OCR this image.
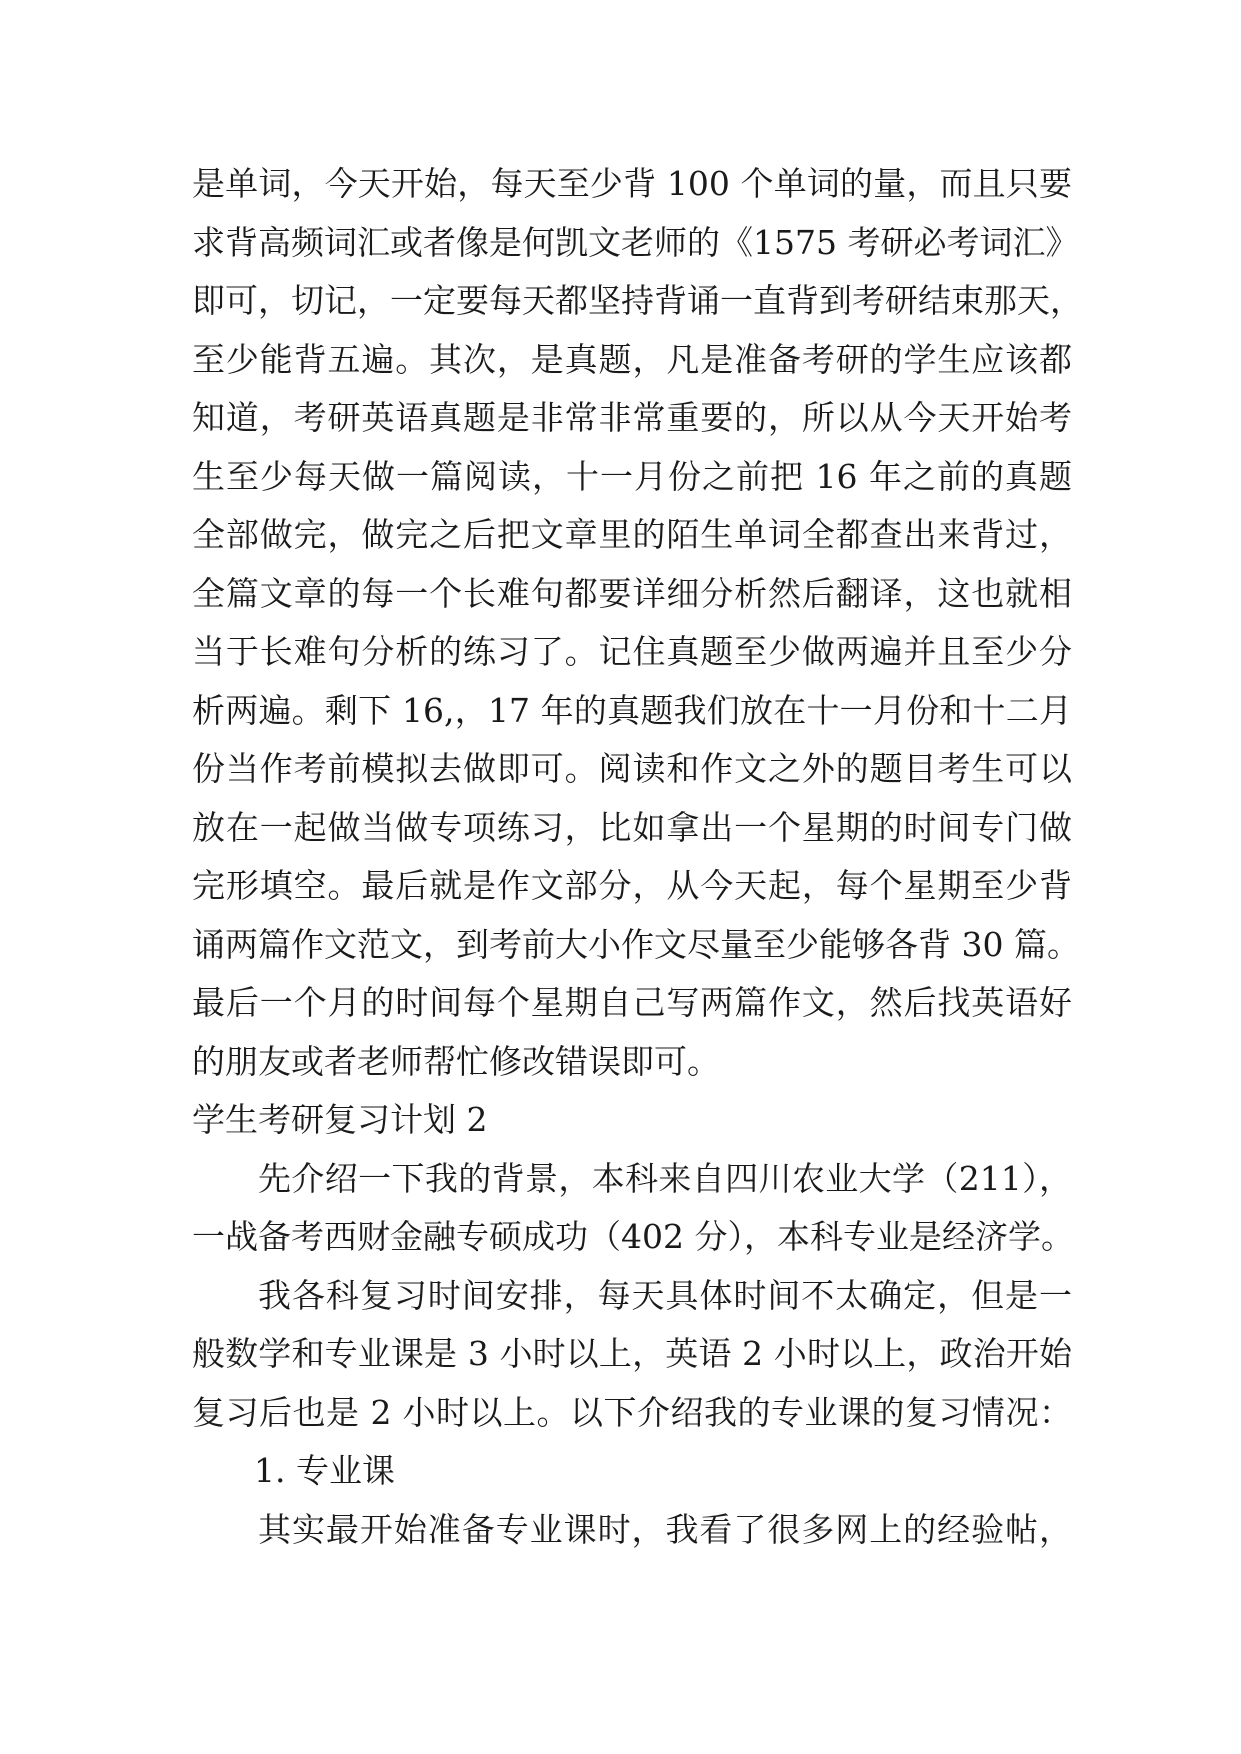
是单词，今天开始，每天至少背 100 个单词的量，而且只要
求背高频词汇或者像是何凯文老师的《1575 考研必考词汇》
即可，切记，一定要每天都坚持背诵一直背到考研结束那天，
至少能背五遍。其次，是真题，凡是准备考研的学生应该都
知道，考研英语真题是非常非常重要的，所以从今天开始考
生至少每天做一篇阅读，十一月份之前把 16 年之前的真题
全部做完，做完之后把文章里的陌生单词全都查出来背过，
全篇文章的每一个长难句都要详细分析然后翻译，这也就相
当于长难句分析的练习了。记住真题至少做两遍并且至少分
析两遍。剩下 16,，17 年的真题我们放在十一月份和十二月
份当作考前模拟去做即可。阅读和作文之外的题目考生可以
放在一起做当做专项练习，比如拿出一个星期的时间专门做
完形填空。最后就是作文部分，从今天起，每个星期至少背
诵两篇作文范文，到考前大小作文尽量至少能够各背 30 篇。
最后一个月的时间每个星期自己写两篇作文，然后找英语好
的朋友或者老师帮忙修改错误即可。
学生考研复习计划 2
先介绍一下我的背景，本科来自四川农业大学（211），
一战备考西财金融专硕成功（402 分），本科专业是经济学。
我各科复习时间安排，每天具体时间不太确定，但是一
般数学和专业课是 3 小时以上，英语 2 小时以上，政治开始
复习后也是 2 小时以上。以下介绍我的专业课的复习情况：
1. 专业课
其实最开始准备专业课时，我看了很多网上的经验帖，
